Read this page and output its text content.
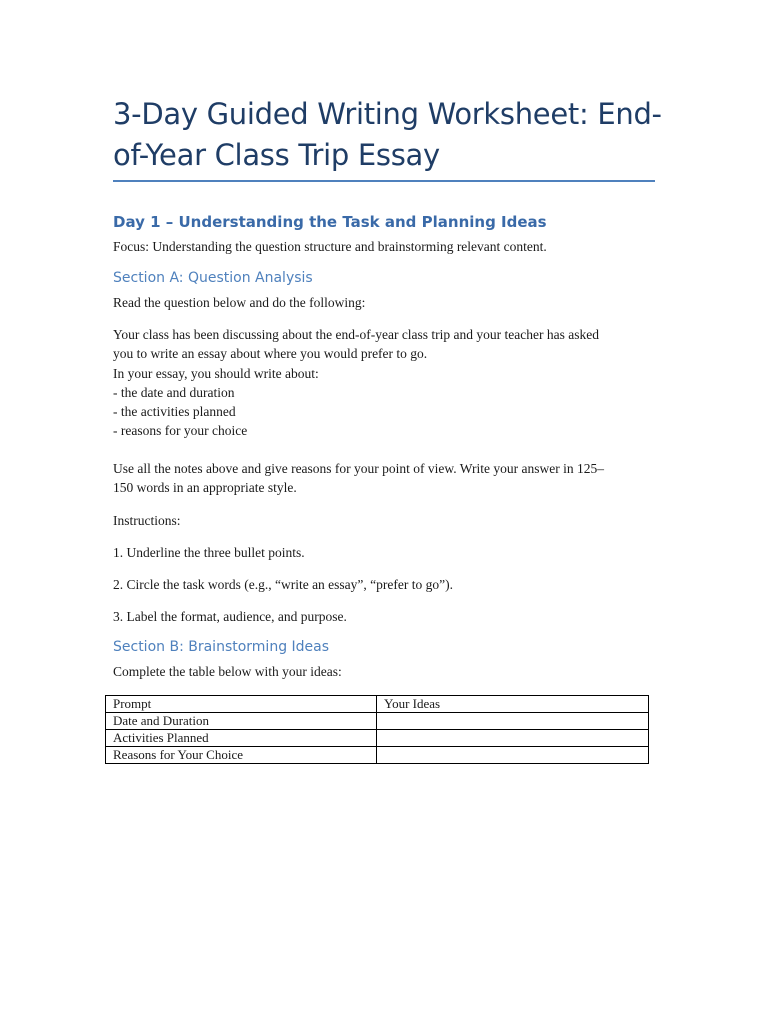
3-Day Guided Writing Worksheet: End-
of-Year Class Trip Essay
Day 1 – Understanding the Task and Planning Ideas
Focus: Understanding the question structure and brainstorming relevant content.
Section A: Question Analysis
Read the question below and do the following:
Your class has been discussing about the end-of-year class trip and your teacher has asked
you to write an essay about where you would prefer to go.
In your essay, you should write about:
- the date and duration
- the activities planned
- reasons for your choice
Use all the notes above and give reasons for your point of view. Write your answer in 125–
150 words in an appropriate style.
Instructions:
1. Underline the three bullet points.
2. Circle the task words (e.g., “write an essay”, “prefer to go”).
3. Label the format, audience, and purpose.
Section B: Brainstorming Ideas
Complete the table below with your ideas:
Prompt	Your Ideas
Date and Duration	
Activities Planned	
Reasons for Your Choice	
